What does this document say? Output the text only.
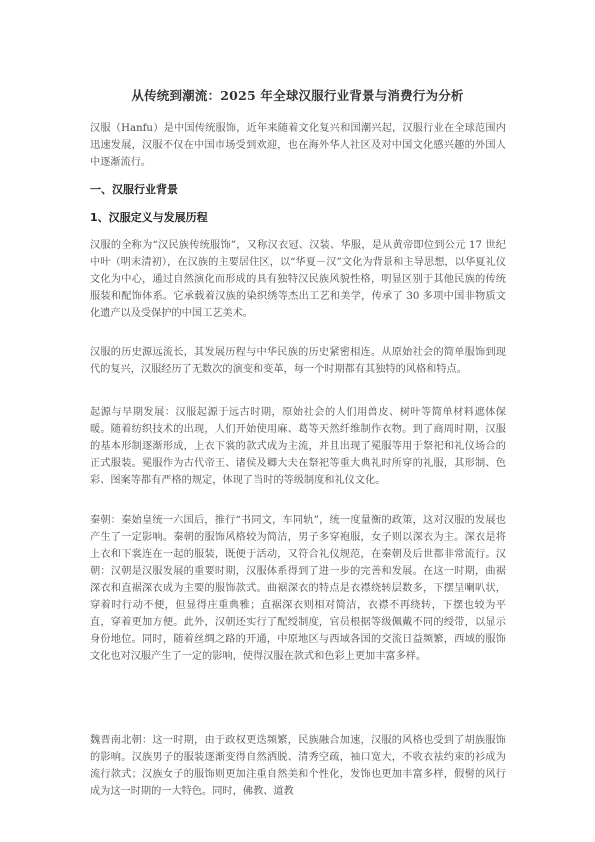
从传统到潮流：2025 年全球汉服行业背景与消费行为分析

汉服（Hanfu）是中国传统服饰，近年来随着文化复兴和国潮兴起，汉服行业在全球范围内迅速发展，汉服不仅在中国市场受到欢迎，也在海外华人社区及对中国文化感兴趣的外国人中逐渐流行。

一、汉服行业背景
1、汉服定义与发展历程

汉服的全称为“汉民族传统服饰”，又称汉衣冠、汉装、华服，是从黄帝即位到公元 17 世纪中叶（明末清初），在汉族的主要居住区，以“华夏－汉”文化为背景和主导思想，以华夏礼仪文化为中心，通过自然演化而形成的具有独特汉民族风貌性格，明显区别于其他民族的传统服装和配饰体系。它承载着汉族的染织绣等杰出工艺和美学，传承了 30 多项中国非物质文化遗产以及受保护的中国工艺美术。

汉服的历史源远流长，其发展历程与中华民族的历史紧密相连。从原始社会的简单服饰到现代的复兴，汉服经历了无数次的演变和变革，每一个时期都有其独特的风格和特点。

起源与早期发展：汉服起源于远古时期，原始社会的人们用兽皮、树叶等简单材料遮体保暖。随着纺织技术的出现，人们开始使用麻、葛等天然纤维制作衣物。到了商周时期，汉服的基本形制逐渐形成，上衣下裳的款式成为主流，并且出现了冕服等用于祭祀和礼仪场合的正式服装。冕服作为古代帝王、诸侯及卿大夫在祭祀等重大典礼时所穿的礼服，其形制、色彩、图案等都有严格的规定，体现了当时的等级制度和礼仪文化。

秦朝：秦始皇统一六国后，推行“书同文，车同轨”，统一度量衡的政策，这对汉服的发展也产生了一定影响。秦朝的服饰风格较为简洁，男子多穿袍服，女子则以深衣为主。深衣是将上衣和下裳连在一起的服装，既便于活动，又符合礼仪规范，在秦朝及后世都非常流行。汉朝：汉朝是汉服发展的重要时期，汉服体系得到了进一步的完善和发展。在这一时期，曲裾深衣和直裾深衣成为主要的服饰款式。曲裾深衣的特点是衣襟绕转层数多，下摆呈喇叭状，穿着时行动不便，但显得庄重典雅；直裾深衣则相对简洁，衣襟不再绕转，下摆也较为平直，穿着更加方便。此外，汉朝还实行了配绶制度，官员根据等级佩戴不同的绶带，以显示身份地位。同时，随着丝绸之路的开通，中原地区与西域各国的交流日益频繁，西域的服饰文化也对汉服产生了一定的影响，使得汉服在款式和色彩上更加丰富多样。

魏晋南北朝：这一时期，由于政权更迭频繁，民族融合加速，汉服的风格也受到了胡族服饰的影响。汉族男子的服装逐渐变得自然洒脱、清秀空疏，袖口宽大，不收衣袪约束的衫成为流行款式；汉族女子的服饰则更加注重自然美和个性化，发饰也更加丰富多样，假髻的风行成为这一时期的一大特色。同时，佛教、道教
